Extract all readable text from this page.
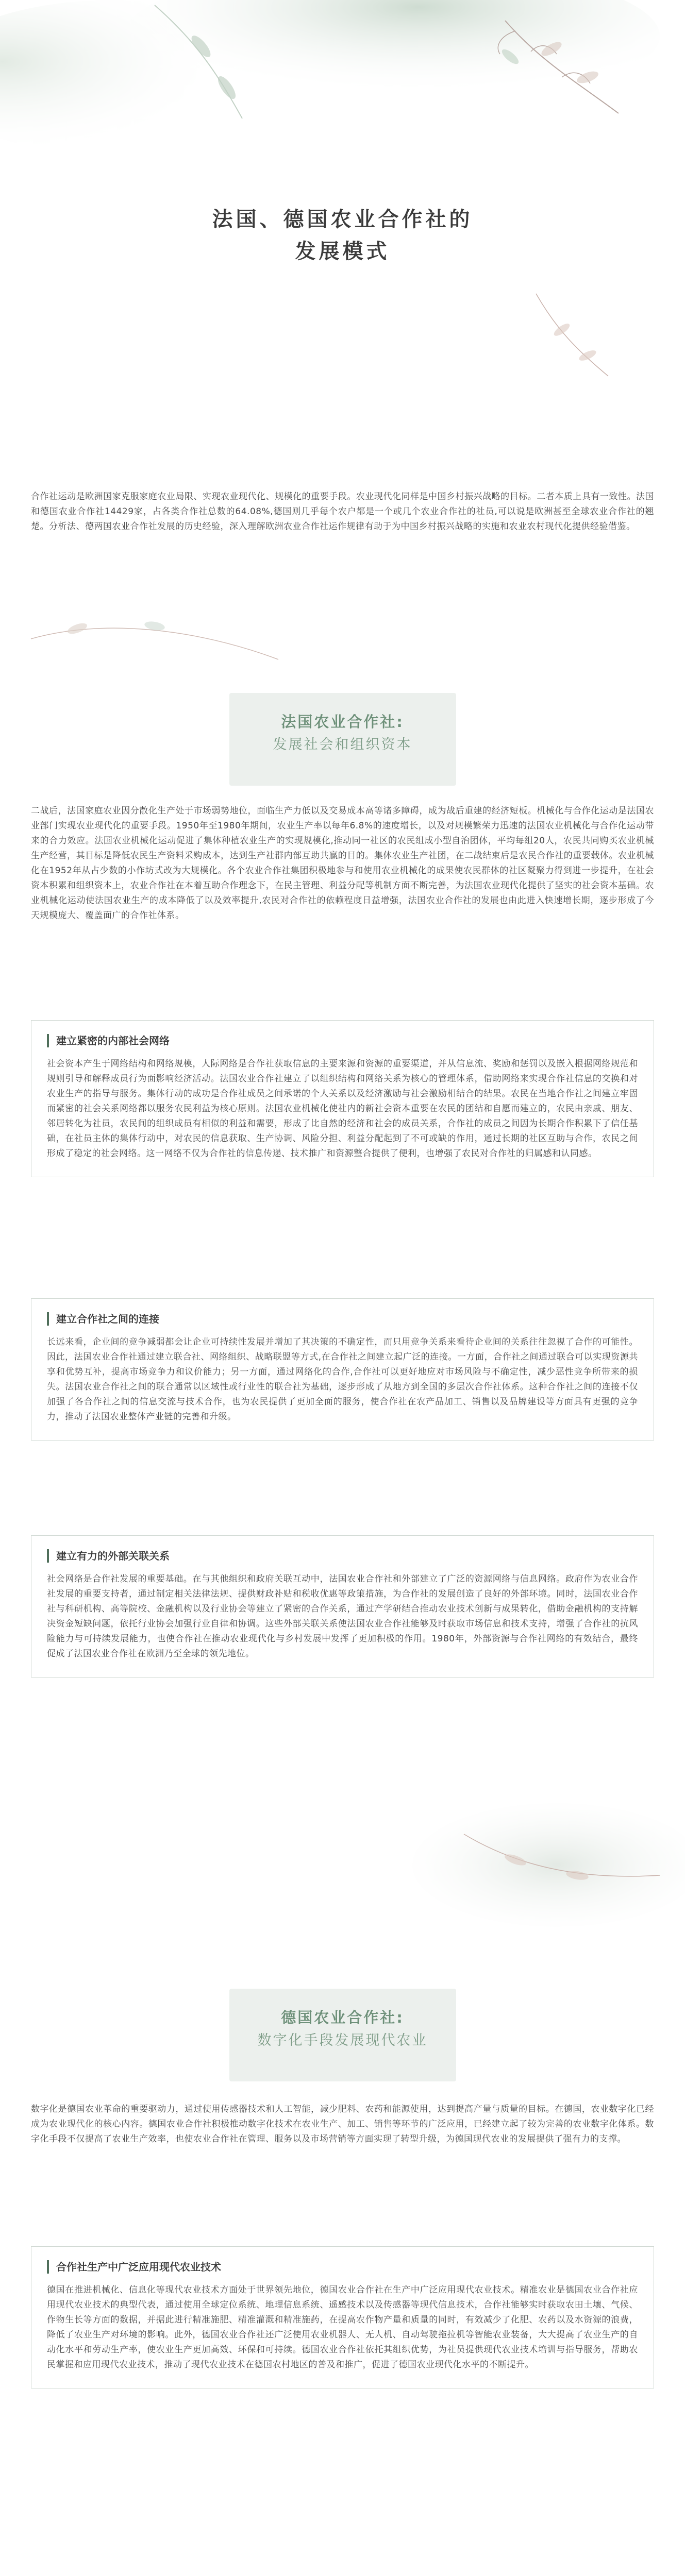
法国、德国农业合作社的
发展模式

合作社运动是欧洲国家克服家庭农业局限、实现农业现代化、规模化的重要手段。农业现代化同样是中国乡村振兴战略的目标。二者本质上具有一致性。法国和德国农业合作社14429家，占各类合作社总数的64.08%,德国则几乎每个农户都是一个或几个农业合作社的社员,可以说是欧洲甚至全球农业合作社的翘楚。分析法、德两国农业合作社发展的历史经验，深入理解欧洲农业合作社运作规律有助于为中国乡村振兴战略的实施和农业农村现代化提供经验借鉴。

法国农业合作社:
发展社会和组织资本

二战后，法国家庭农业因分散化生产处于市场弱势地位，面临生产力低以及交易成本高等诸多障碍，成为战后重建的经济短板。机械化与合作化运动是法国农业部门实现农业现代化的重要手段。1950年至1980年期间，农业生产率以每年6.8%的速度增长，以及对规模繁荣力迅速的法国农业机械化与合作化运动带来的合力效应。法国农业机械化运动促进了集体种植农业生产的实现规模化,推动同一社区的农民组成小型自治团体，平均每组20人，农民共同购买农业机械生产经营，其目标是降低农民生产资料采购成本，达到生产社群内部互助共赢的目的。集体农业生产社团，在二战结束后是农民合作社的重要载体。农业机械化在1952年从占少数的小作坊式改为大规模化。各个农业合作社集团积极地参与和使用农业机械化的成果使农民群体的社区凝聚力得到进一步提升，在社会资本积累和组织资本上，农业合作社在本着互助合作理念下，在民主管理、利益分配等机制方面不断完善，为法国农业现代化提供了坚实的社会资本基础。农业机械化运动使法国农业生产的成本降低了以及效率提升,农民对合作社的依赖程度日益增强，法国农业合作社的发展也由此进入快速增长期，逐步形成了今天规模庞大、覆盖面广的合作社体系。

建立紧密的内部社会网络

社会资本产生于网络结构和网络规模，人际网络是合作社获取信息的主要来源和资源的重要渠道，并从信息流、奖励和惩罚以及嵌入根据网络规范和规则引导和解释成员行为面影响经济活动。法国农业合作社建立了以组织结构和网络关系为核心的管理体系，借助网络来实现合作社信息的交换和对农业生产的指导与服务。集体行动的成功是合作社成员之间承诺的个人关系以及经济激励与社会激励相结合的结果。农民在当地合作社之间建立牢固而紧密的社会关系网络都以服务农民利益为核心原则。法国农业机械化使社内的新社会资本重要在农民的团结和自愿而建立的，农民由亲戚、朋友、邻居转化为社员，农民间的组织成员有相似的利益和需要，形成了比自然的经济和社会的成员关系，合作社的成员之间因为长期合作积累下了信任基础，在社员主体的集体行动中，对农民的信息获取、生产协调、风险分担、利益分配起到了不可或缺的作用，通过长期的社区互助与合作，农民之间形成了稳定的社会网络。这一网络不仅为合作社的信息传递、技术推广和资源整合提供了便利，也增强了农民对合作社的归属感和认同感。

建立合作社之间的连接

长远来看，企业间的竞争减弱都会让企业可持续性发展并增加了其决策的不确定性，而只用竞争关系来看待企业间的关系往往忽视了合作的可能性。因此，法国农业合作社通过建立联合社、网络组织、战略联盟等方式,在合作社之间建立起广泛的连接。一方面，合作社之间通过联合可以实现资源共享和优势互补，提高市场竞争力和议价能力；另一方面，通过网络化的合作,合作社可以更好地应对市场风险与不确定性，减少恶性竞争所带来的损失。法国农业合作社之间的联合通常以区域性或行业性的联合社为基础，逐步形成了从地方到全国的多层次合作社体系。这种合作社之间的连接不仅加强了各合作社之间的信息交流与技术合作，也为农民提供了更加全面的服务，使合作社在农产品加工、销售以及品牌建设等方面具有更强的竞争力，推动了法国农业整体产业链的完善和升级。

建立有力的外部关联关系

社会网络是合作社发展的重要基础。在与其他组织和政府关联互动中，法国农业合作社和外部建立了广泛的资源网络与信息网络。政府作为农业合作社发展的重要支持者，通过制定相关法律法规、提供财政补贴和税收优惠等政策措施，为合作社的发展创造了良好的外部环境。同时，法国农业合作社与科研机构、高等院校、金融机构以及行业协会等建立了紧密的合作关系，通过产学研结合推动农业技术创新与成果转化，借助金融机构的支持解决资金短缺问题，依托行业协会加强行业自律和协调。这些外部关联关系使法国农业合作社能够及时获取市场信息和技术支持，增强了合作社的抗风险能力与可持续发展能力，也使合作社在推动农业现代化与乡村发展中发挥了更加积极的作用。1980年，外部资源与合作社网络的有效结合，最终促成了法国农业合作社在欧洲乃至全球的领先地位。

德国农业合作社:
数字化手段发展现代农业

数字化是德国农业革命的重要驱动力，通过使用传感器技术和人工智能，减少肥料、农药和能源使用，达到提高产量与质量的目标。在德国，农业数字化已经成为农业现代化的核心内容。德国农业合作社积极推动数字化技术在农业生产、加工、销售等环节的广泛应用，已经建立起了较为完善的农业数字化体系。数字化手段不仅提高了农业生产效率，也使农业合作社在管理、服务以及市场营销等方面实现了转型升级，为德国现代农业的发展提供了强有力的支撑。

合作社生产中广泛应用现代农业技术

德国在推进机械化、信息化等现代农业技术方面处于世界领先地位，德国农业合作社在生产中广泛应用现代农业技术。精准农业是德国农业合作社应用现代农业技术的典型代表，通过使用全球定位系统、地理信息系统、遥感技术以及传感器等现代信息技术，合作社能够实时获取农田土壤、气候、作物生长等方面的数据，并据此进行精准施肥、精准灌溉和精准施药，在提高农作物产量和质量的同时，有效减少了化肥、农药以及水资源的浪费，降低了农业生产对环境的影响。此外，德国农业合作社还广泛使用农业机器人、无人机、自动驾驶拖拉机等智能农业装备，大大提高了农业生产的自动化水平和劳动生产率，使农业生产更加高效、环保和可持续。德国农业合作社依托其组织优势，为社员提供现代农业技术培训与指导服务，帮助农民掌握和应用现代农业技术，推动了现代农业技术在德国农村地区的普及和推广，促进了德国农业现代化水平的不断提升。
